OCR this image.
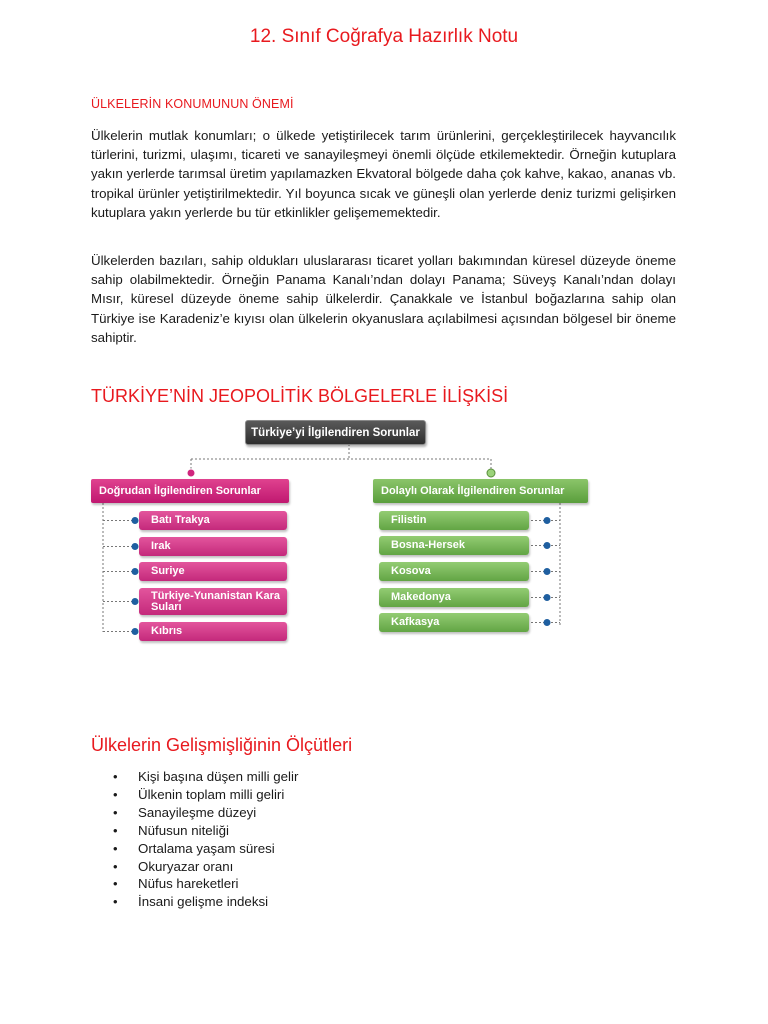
12. Sınıf Coğrafya Hazırlık Notu
ÜLKELERİN KONUMUNUN ÖNEMİ

Ülkelerin mutlak konumları; o ülkede yetiştirilecek tarım ürünlerini, gerçekleştirilecek hayvancılık türlerini, turizmi, ulaşımı, ticareti ve sanayileşmeyi önemli ölçüde etkilemektedir. Örneğin kutuplara yakın yerlerde tarımsal üretim yapılamazken Ekvatoral bölgede daha çok kahve, kakao, ananas vb. tropikal ürünler yetiştirilmektedir. Yıl boyunca sıcak ve güneşli olan yerlerde deniz turizmi gelişirken kutuplara yakın yerlerde bu tür etkinlikler gelişememektedir.

Ülkelerden bazıları, sahip oldukları uluslararası ticaret yolları bakımından küresel düzeyde öneme sahip olabilmektedir. Örneğin Panama Kanalı’ndan dolayı Panama; Süveyş Kanalı’ndan dolayı Mısır, küresel düzeyde öneme sahip ülkelerdir. Çanakkale ve İstanbul boğazlarına sahip olan Türkiye ise Karadeniz’e kıyısı olan ülkelerin okyanuslara açılabilmesi açısından bölgesel bir öneme sahiptir.

TÜRKİYE’NİN JEOPOLİTİK BÖLGELERLE İLİŞKİSİ
Türkiye’yi İlgilendiren Sorunlar
Doğrudan İlgilendiren Sorunlar	Dolaylı Olarak İlgilendiren Sorunlar
Batı Trakya
Irak
Suriye
Türkiye-Yunanistan Kara Suları
Kıbrıs
Filistin
Bosna-Hersek
Kosova
Makedonya
Kafkasya
Ülkelerin Gelişmişliğinin Ölçütleri
• Kişi başına düşen milli gelir
• Ülkenin toplam milli geliri
• Sanayileşme düzeyi
• Nüfusun niteliği
• Ortalama yaşam süresi
• Okuryazar oranı
• Nüfus hareketleri
• İnsani gelişme indeksi
